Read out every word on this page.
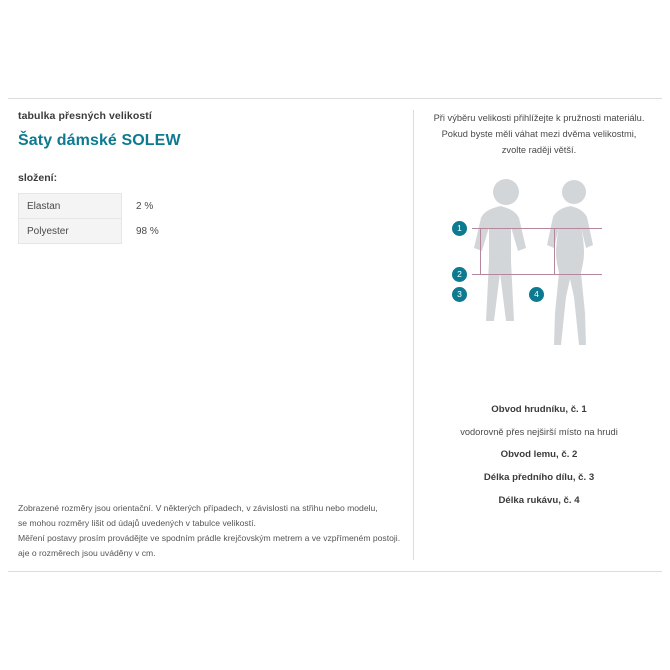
tabulka přesných velikostí

Šaty dámské SOLEW

složení:

Elastan	2 %
Polyester	98 %
Zobrazené rozměry jsou orientační. V některých případech, v závislosti na střihu nebo modelu,
se mohou rozměry lišit od údajů uvedených v tabulce velikostí.
Měření postavy prosím provádějte ve spodním prádle krejčovským metrem a ve vzpřímeném postoji.
aje o rozměrech jsou uváděny v cm.
Při výběru velikosti přihlížejte k pružnosti materiálu.
Pokud byste měli váhat mezi dvěma velikostmi,
zvolte raději větší.
1
2
3	4
Obvod hrudníku, č. 1
vodorovně přes nejširší místo na hrudi
Obvod lemu, č. 2
Délka předního dílu, č. 3
Délka rukávu, č. 4
